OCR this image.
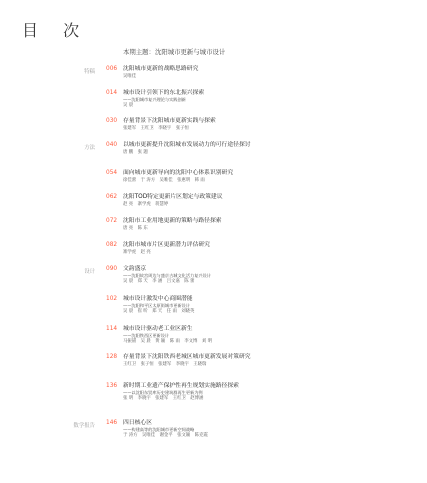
目 次
本期主题：沈阳城市更新与城市设计
特稿 006 沈阳城市更新的战略思路研究
吴唯佳
014 城市设计引领下的东北振兴探索
——沈阳城市复兴理论与实践创新
吴 晨
030 存量背景下沈阳城市更新实践与探索
张建军　王红卫　李晓宇　张子恒
方法 040 以城市更新提升沈阳城市发展动力的可行途径探讨
唐 鹏　张 题
054 面向城市更新导向的沈阳中心体系识别研究
徐佳蕾　于 涛方　吴唯佳　张惠明　韩 雨
062 沈阳TOD特定更新片区划定与政策建议
赵 亮　寨学虎　蒋慧婷
072 沈阳市工业用地更新的策略与路径探索
唐 亮　陈 东
082 沈阳市城市片区更新潜力评估研究
寨学虎　赵 亮
设计 090 文韵盛京
——沈阳故宫周边与盛京古城文化活力复兴设计
吴 晨　郑 天　李 涵　吕文嘉　陈 蕾
102 城市设计激发中心商圈潜能
——沈阳和平区太原街城市更新设计
吴 晨　崔 昕　郑 天　任 雨　刘晓英
114 城市设计驱动老工业区新生
——沈阳铁西区更新设计
马振锚　吴 晨　黄 颖　陈 雨　李文博　刘 明
128 存量背景下沈阳铁西老城区城市更新发展对策研究
王红卫　张子恒　张建军　李晓宇　王晓瑞
136 新时期工业遗产保护性再生规划实施路径探索
——以沈阳东贸库历史建筑群再生更新为例
张 明　李晓宇　张建军　王红卫　赵博涵
数学报告 146 四日核心区
——构建高等的沈阳城市更新空间战略
于 涛方　吴唯佳　谢金平　张文颖　陈克霞
